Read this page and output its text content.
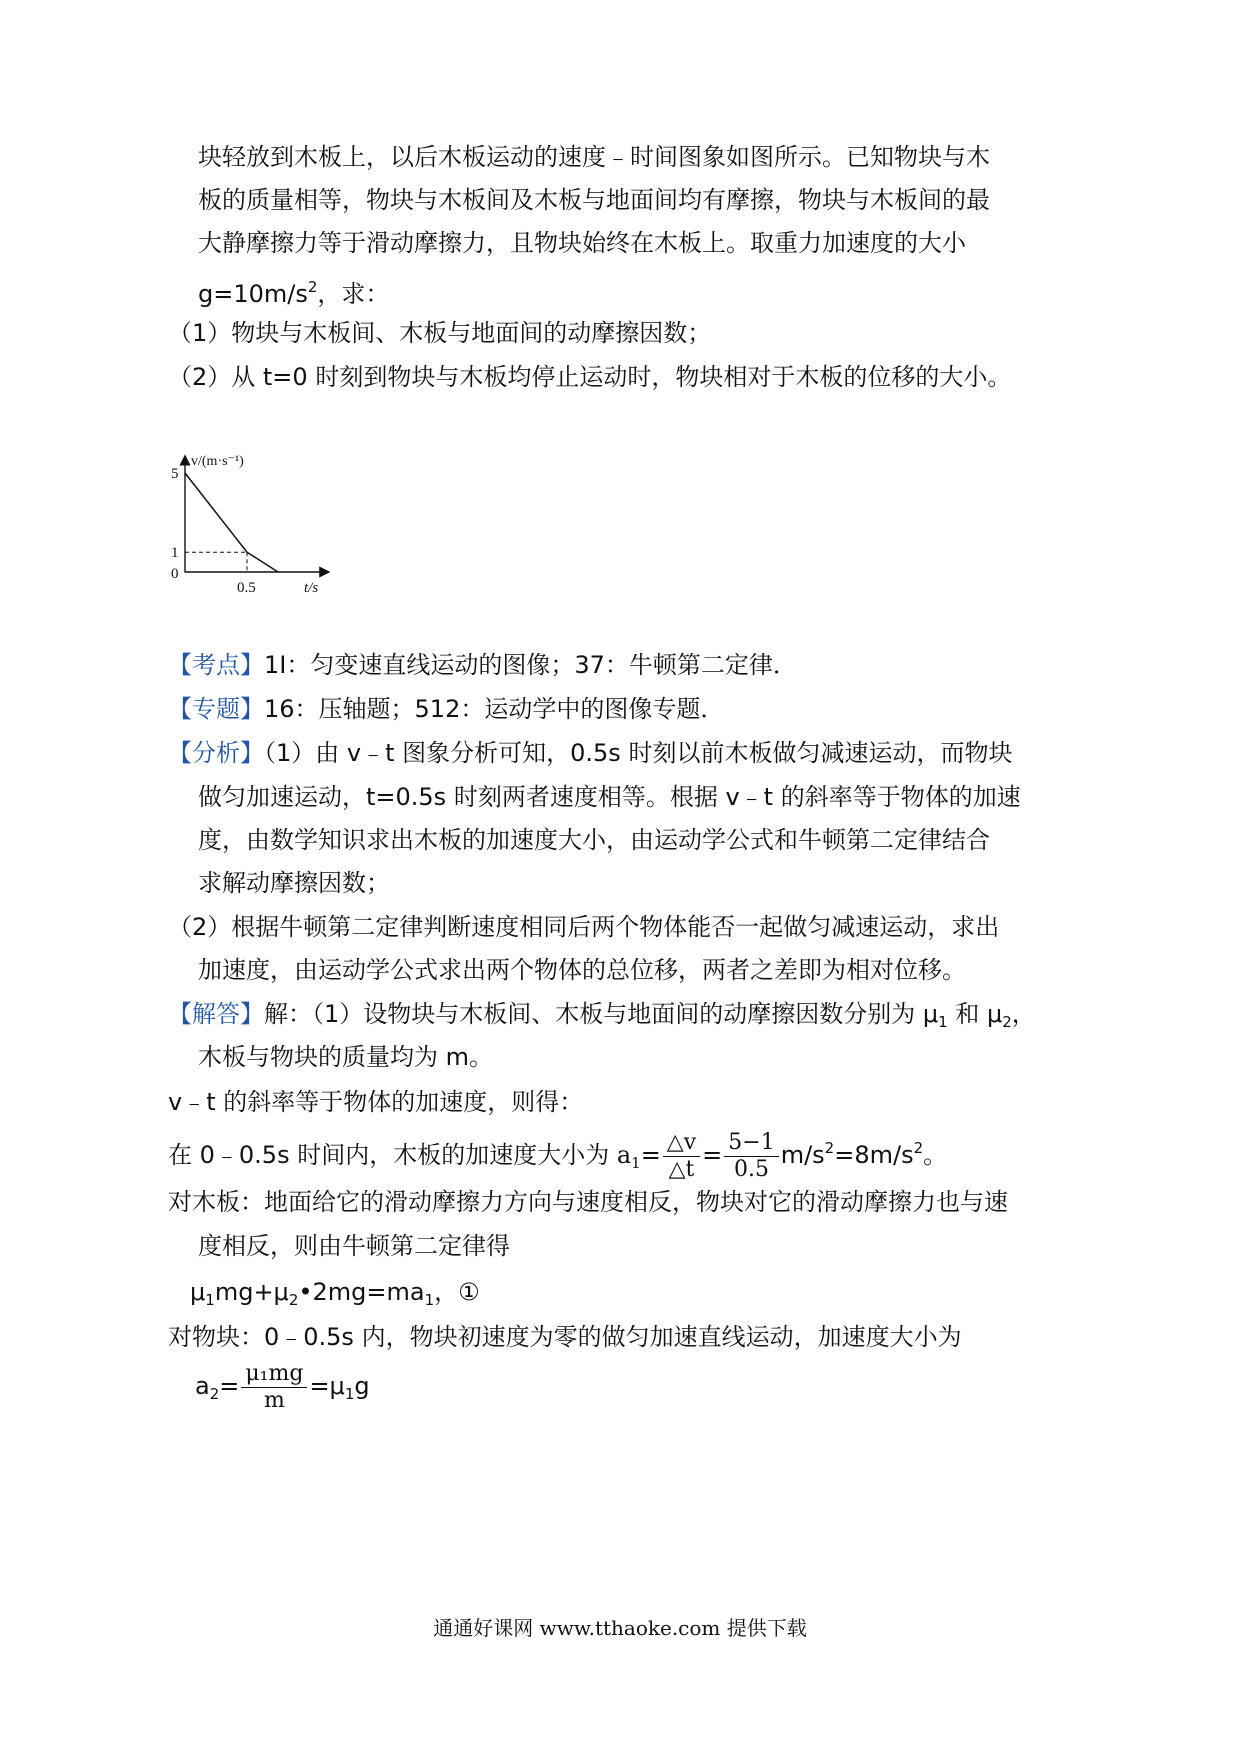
块轻放到木板上，以后木板运动的速度﹣时间图象如图所示。已知物块与木
板的质量相等，物块与木板间及木板与地面间均有摩擦，物块与木板间的最
大静摩擦力等于滑动摩擦力，且物块始终在木板上。取重力加速度的大小
$g=10m/s^2$，求：
（1）物块与木板间、木板与地面间的动摩擦因数；
（2）从 t=0 时刻到物块与木板均停止运动时，物块相对于木板的位移的大小。
5
1
0
0.5	t/s
v/(m·s⁻¹)
【考点】1I：匀变速直线运动的图像；37：牛顿第二定律．
【专题】16：压轴题；512：运动学中的图像专题．
【分析】（1）由 v﹣t 图象分析可知，0.5s 时刻以前木板做匀减速运动，而物块
做匀加速运动，t=0.5s 时刻两者速度相等。根据 v﹣t 的斜率等于物体的加速
度，由数学知识求出木板的加速度大小，由运动学公式和牛顿第二定律结合
求解动摩擦因数；
（2）根据牛顿第二定律判断速度相同后两个物体能否一起做匀减速运动，求出
加速度，由运动学公式求出两个物体的总位移，两者之差即为相对位移。
【解答】解：（1）设物块与木板间、木板与地面间的动摩擦因数分别为 $\mu_1$ 和 $\mu_2$，
木板与物块的质量均为 m。
v﹣t 的斜率等于物体的加速度，则得：
在 0﹣0.5s 时间内，木板的加速度大小为 $a_1= \frac{\triangle v}{\triangle t} = \frac{5-1}{0.5} m/s^2=8m/s^2$。
对木板：地面给它的滑动摩擦力方向与速度相反，物块对它的滑动摩擦力也与速
度相反，则由牛顿第二定律得
$\mu_1mg+\mu_2•2mg=ma_1$，①
对物块：0﹣0.5s 内，物块初速度为零的做匀加速直线运动，加速度大小为
$a_2= \frac{\text{μ₁mg}}{m} =\mu_1g$
通通好课网 www.tthaoke.com 提供下载
